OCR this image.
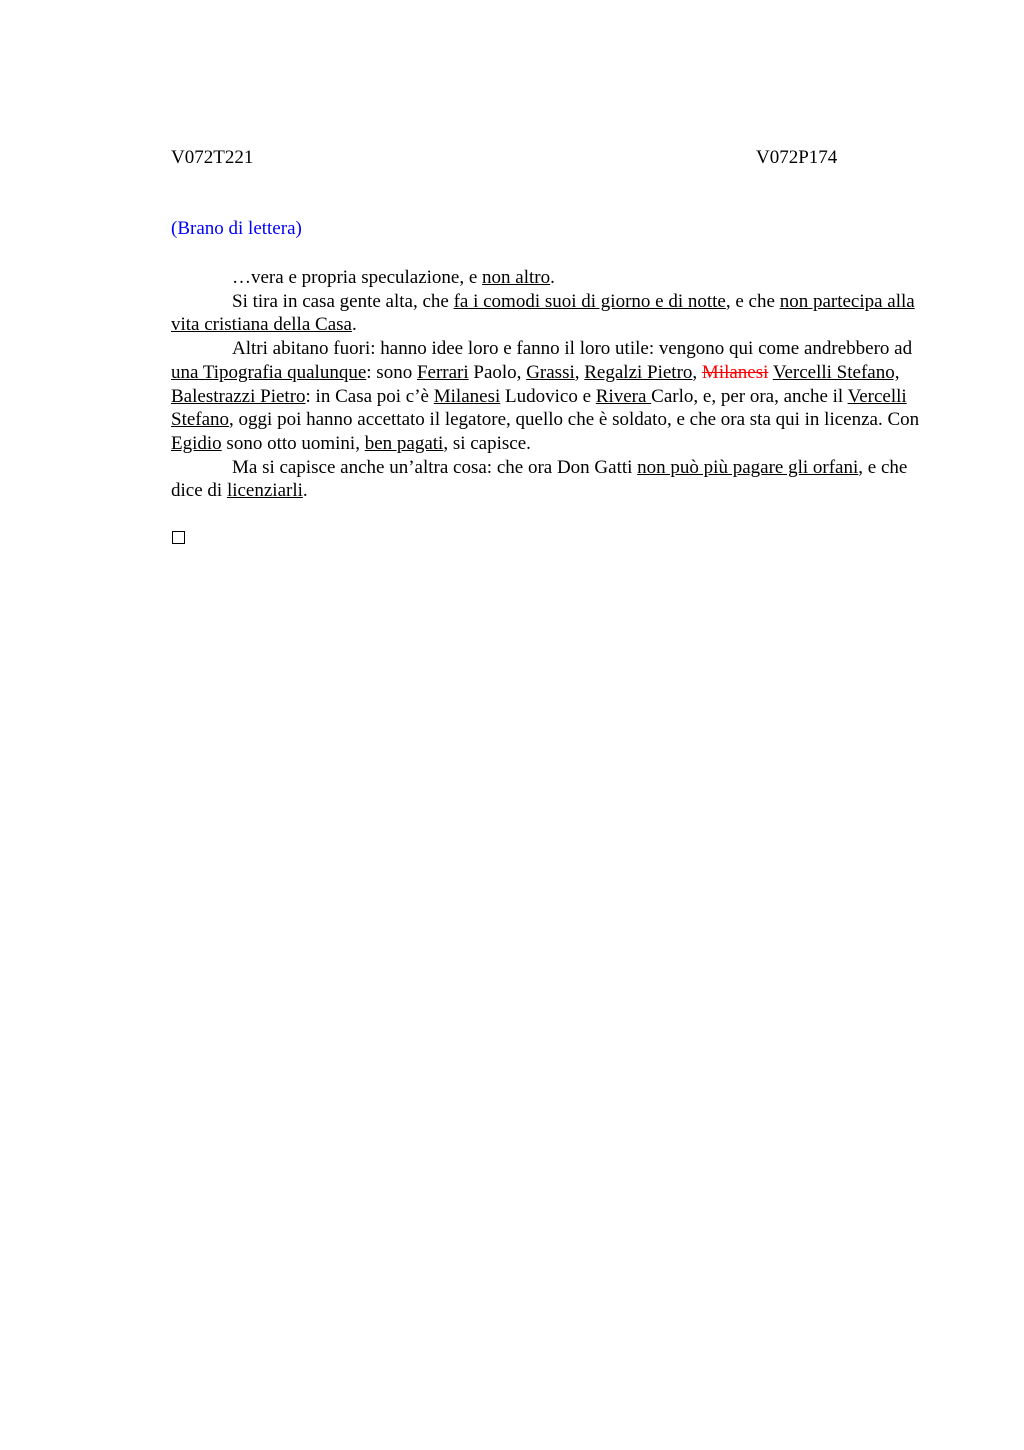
V072T221	V072P174
(Brano di lettera)

…vera e propria speculazione, e non altro.

Si tira in casa gente alta, che fa i comodi suoi di giorno e di notte, e che non partecipa alla vita cristiana della Casa.

Altri abitano fuori: hanno idee loro e fanno il loro utile: vengono qui come andrebbero ad una Tipografia qualunque: sono Ferrari Paolo, Grassi, Regalzi Pietro, Milanesi Vercelli Stefano, Balestrazzi Pietro: in Casa poi c’è Milanesi Ludovico e Rivera Carlo, e, per ora, anche il Vercelli Stefano, oggi poi hanno accettato il legatore, quello che è soldato, e che ora sta qui in licenza. Con Egidio sono otto uomini, ben pagati, si capisce.

Ma si capisce anche un’altra cosa: che ora Don Gatti non può più pagare gli orfani, e che dice di licenziarli.
